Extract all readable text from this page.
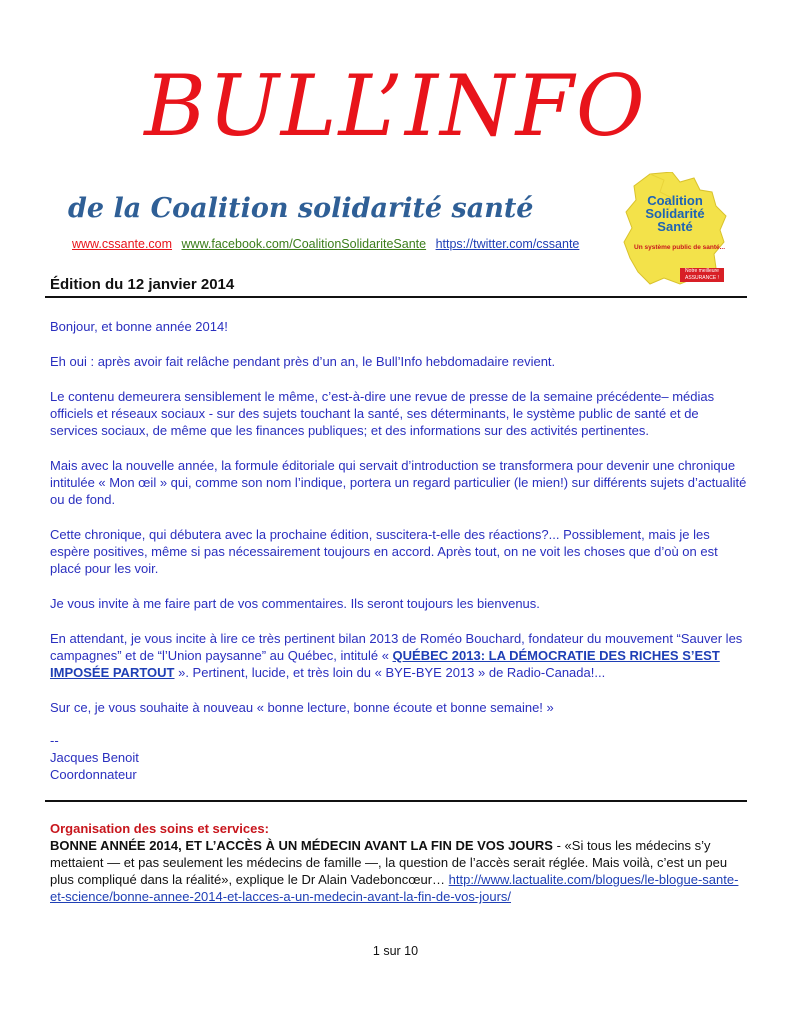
BULL’INFO
de la Coalition solidarité santé
www.cssante.com www.facebook.com/CoalitionSolidariteSante https://twitter.com/cssante
Coalition
Solidarité
Santé
Un système public de santé...
Notre meilleure ASSURANCE !
Édition du 12 janvier 2014

Bonjour, et bonne année 2014!

Eh oui : après avoir fait relâche pendant près d’un an, le Bull’Info hebdomadaire revient.

Le contenu demeurera sensiblement le même, c’est-à-dire une revue de presse de la semaine précédente– médias officiels et réseaux sociaux - sur des sujets touchant la santé, ses déterminants, le système public de santé et de services sociaux, de même que les finances publiques; et des informations sur des activités pertinentes.

Mais avec la nouvelle année, la formule éditoriale qui servait d’introduction se transformera pour devenir une chronique intitulée « Mon œil » qui, comme son nom l’indique, portera un regard particulier (le mien!) sur différents sujets d’actualité ou de fond.

Cette chronique, qui débutera avec la prochaine édition, suscitera-t-elle des réactions?... Possiblement, mais je les espère positives, même si pas nécessairement toujours en accord. Après tout, on ne voit les choses que d’où on est placé pour les voir.

Je vous invite à me faire part de vos commentaires. Ils seront toujours les bienvenus.

En attendant, je vous incite à lire ce très pertinent bilan 2013 de Roméo Bouchard, fondateur du mouvement “Sauver les campagnes” et de “l’Union paysanne” au Québec, intitulé « QUÉBEC 2013: LA DÉMOCRATIE DES RICHES S’EST IMPOSÉE PARTOUT ». Pertinent, lucide, et très loin du « BYE-BYE 2013 » de Radio-Canada!...

Sur ce, je vous souhaite à nouveau « bonne lecture, bonne écoute et bonne semaine! »

--
Jacques Benoit
Coordonnateur
Organisation des soins et services:
BONNE ANNÉE 2014, ET L’ACCÈS À UN MÉDECIN AVANT LA FIN DE VOS JOURS - «Si tous les médecins s’y mettaient — et pas seulement les médecins de famille —, la question de l’accès serait réglée. Mais voilà, c’est un peu plus compliqué dans la réalité», explique le Dr Alain Vadeboncœur… http://www.lactualite.com/blogues/le-blogue-sante-et-science/bonne-annee-2014-et-lacces-a-un-medecin-avant-la-fin-de-vos-jours/
1 sur 10
